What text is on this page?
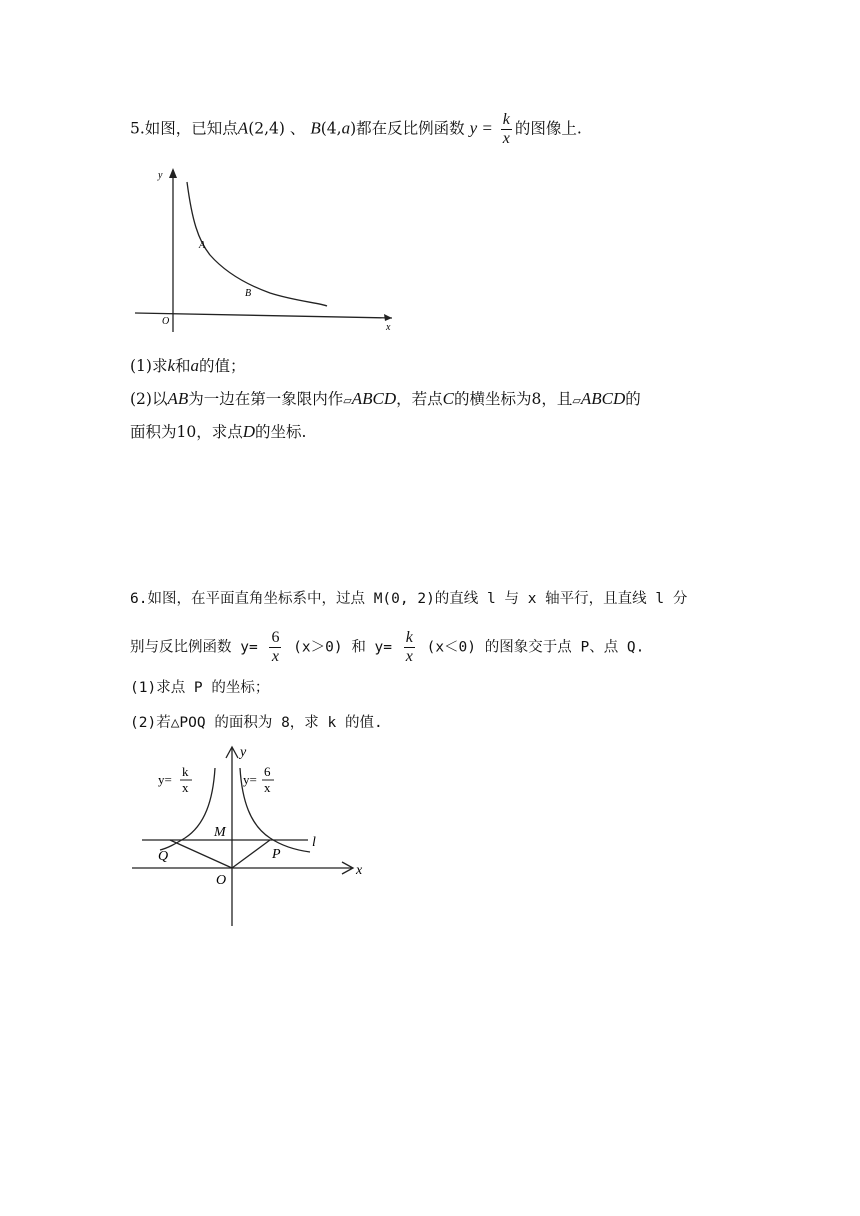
5.如图，已知点A(2,4) 、 B(4,a)都在反比例函数 $y = \frac{k}{x}$ 的图像上.
y
x
O
A
B
(1)求k和a的值；
(2)以AB为一边在第一象限内作▱ABCD，若点C的横坐标为8，且▱ABCD的
面积为10，求点D的坐标.
6.如图，在平面直角坐标系中，过点 M(0, 2)的直线 l 与 x 轴平行，且直线 l 分
别与反比例函数 $y= \frac{6}{x} (x>0)$ 和 $y= \frac{k}{x} (x<0)$ 的图象交于点 P、点 Q.
(1)求点 P 的坐标；
(2)若△POQ 的面积为 8，求 k 的值.
y=
k
x
y=
6
x
y
x
M
l
Q	P
O
